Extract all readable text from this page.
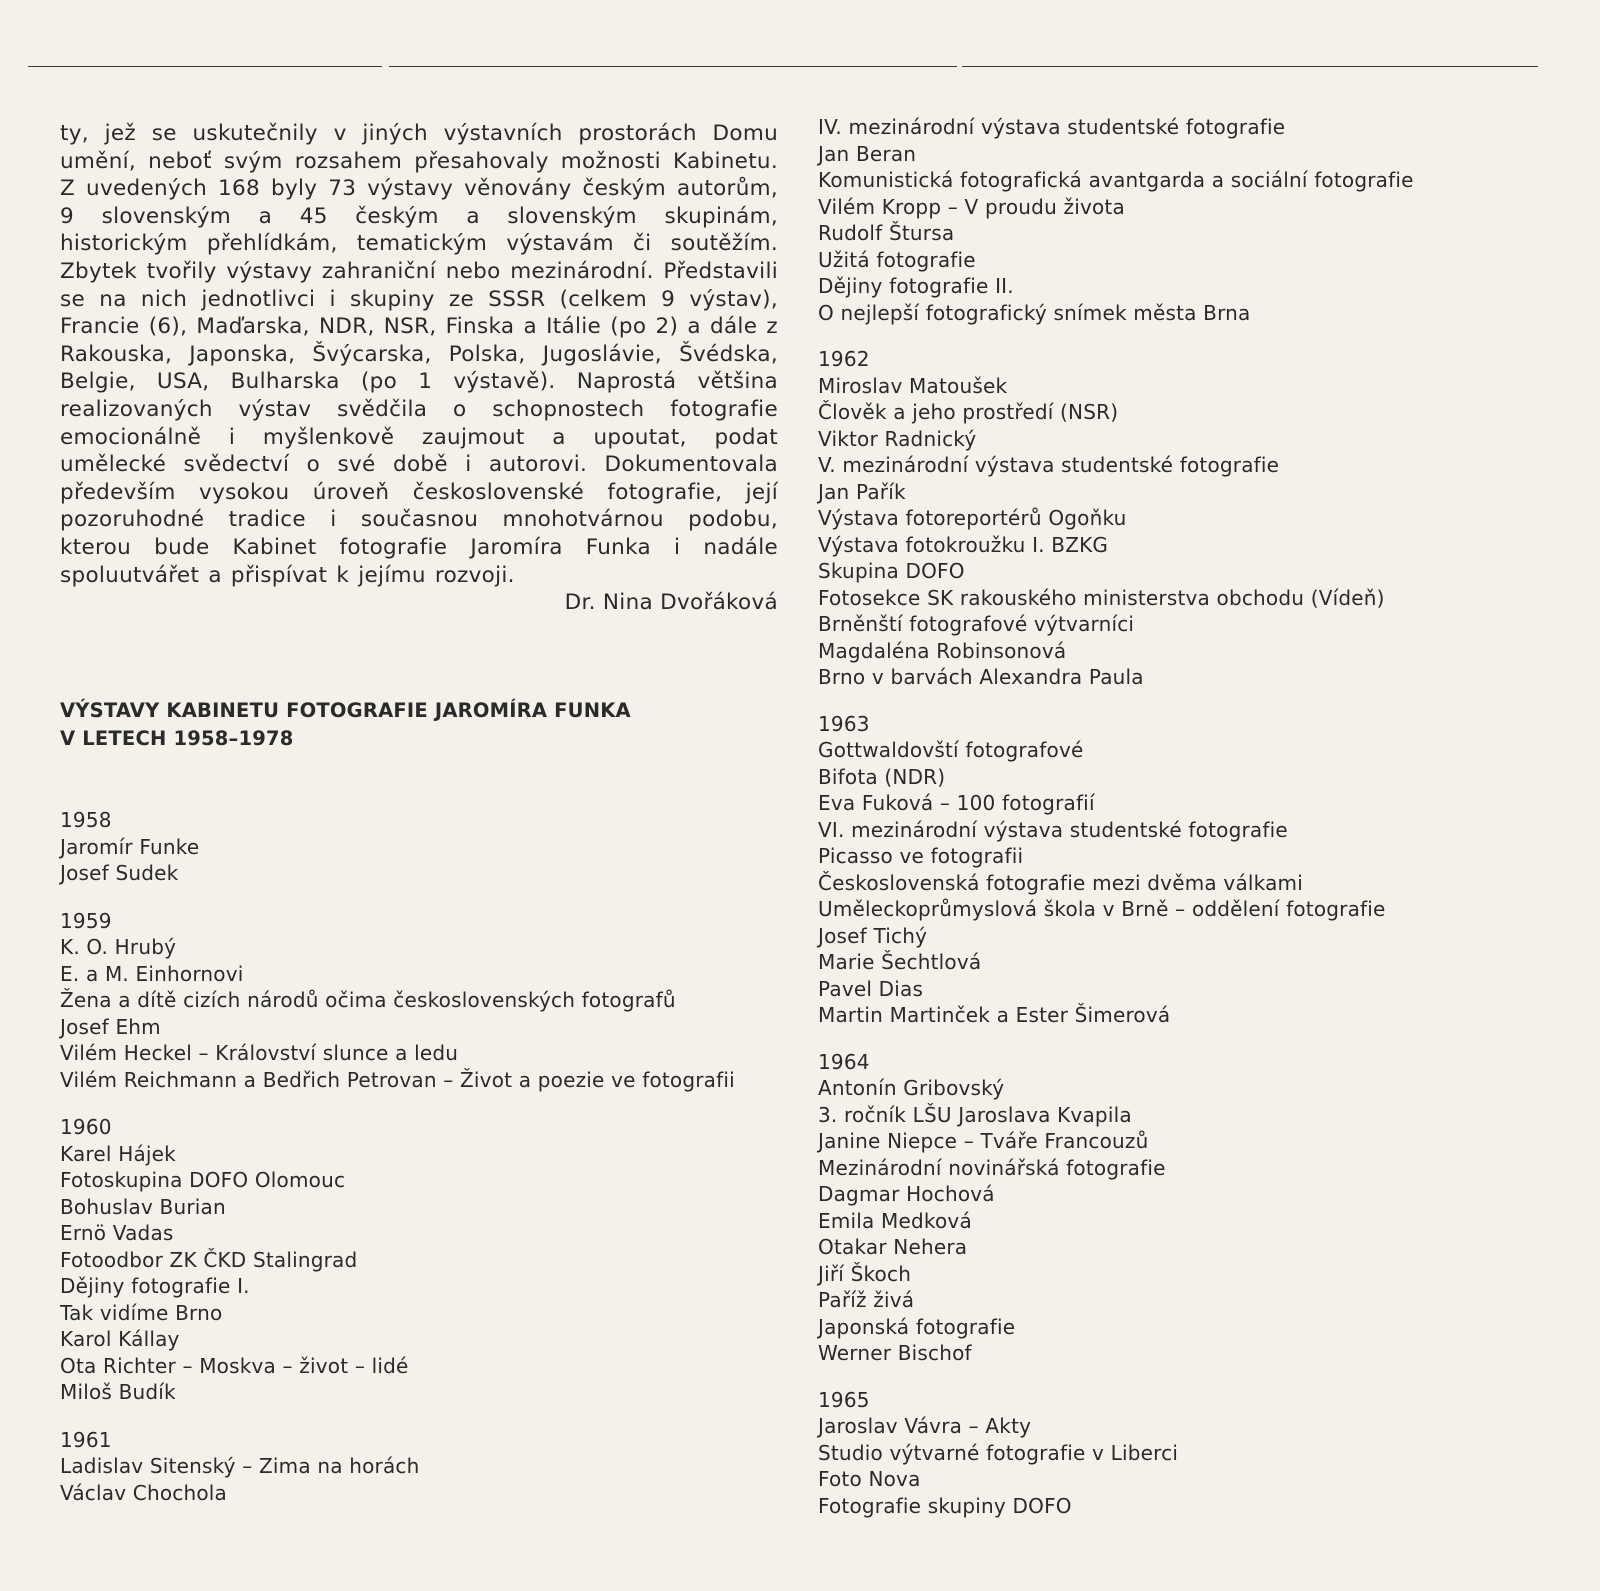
ty, jež se uskutečnily v jiných výstavních prostorách Domu umění, neboť svým rozsahem přesahovaly možnosti Kabinetu. Z uvedených 168 byly 73 výstavy věnovány českým autorům, 9 slovenským a 45 českým a slovenským skupinám, historickým přehlídkám, tematickým výstavám či soutěžím. Zbytek tvořily výstavy zahraniční nebo mezinárodní. Představili se na nich jednotlivci i skupiny ze SSSR (celkem 9 výstav), Francie (6), Maďarska, NDR, NSR, Finska a Itálie (po 2) a dále z Rakouska, Japonska, Švýcarska, Polska, Jugoslávie, Švédska, Belgie, USA, Bulharska (po 1 výstavě). Naprostá většina realizovaných výstav svědčila o schopnostech fotografie emocionálně i myšlenkově zaujmout a upoutat, podat umělecké svědectví o své době i autorovi. Dokumentovala především vysokou úroveň československé fotografie, její pozoruhodné tradice i současnou mnohotvárnou podobu, kterou bude Kabinet fotografie Jaromíra Funka i nadále spoluutvářet a přispívat k jejímu rozvoji.

Dr. Nina Dvořáková

VÝSTAVY KABINETU FOTOGRAFIE JAROMÍRA FUNKA
V LETECH 1958–1978
1958
Jaromír Funke
Josef Sudek
1959
K. O. Hrubý
E. a M. Einhornovi
Žena a dítě cizích národů očima československých fotografů
Josef Ehm
Vilém Heckel – Království slunce a ledu
Vilém Reichmann a Bedřich Petrovan – Život a poezie ve fotografii
1960
Karel Hájek
Fotoskupina DOFO Olomouc
Bohuslav Burian
Ernö Vadas
Fotoodbor ZK ČKD Stalingrad
Dějiny fotografie I.
Tak vidíme Brno
Karol Kállay
Ota Richter – Moskva – život – lidé
Miloš Budík
1961
Ladislav Sitenský – Zima na horách
Václav Chochola
IV. mezinárodní výstava studentské fotografie
Jan Beran
Komunistická fotografická avantgarda a sociální fotografie
Vilém Kropp – V proudu života
Rudolf Štursa
Užitá fotografie
Dějiny fotografie II.
O nejlepší fotografický snímek města Brna
1962
Miroslav Matoušek
Člověk a jeho prostředí (NSR)
Viktor Radnický
V. mezinárodní výstava studentské fotografie
Jan Pařík
Výstava fotoreportérů Ogoňku
Výstava fotokroužku I. BZKG
Skupina DOFO
Fotosekce SK rakouského ministerstva obchodu (Vídeň)
Brněnští fotografové výtvarníci
Magdaléna Robinsonová
Brno v barvách Alexandra Paula
1963
Gottwaldovští fotografové
Bifota (NDR)
Eva Fuková – 100 fotografií
VI. mezinárodní výstava studentské fotografie
Picasso ve fotografii
Československá fotografie mezi dvěma válkami
Uměleckoprůmyslová škola v Brně – oddělení fotografie
Josef Tichý
Marie Šechtlová
Pavel Dias
Martin Martinček a Ester Šimerová
1964
Antonín Gribovský
3. ročník LŠU Jaroslava Kvapila
Janine Niepce – Tváře Francouzů
Mezinárodní novinářská fotografie
Dagmar Hochová
Emila Medková
Otakar Nehera
Jiří Škoch
Paříž živá
Japonská fotografie
Werner Bischof
1965
Jaroslav Vávra – Akty
Studio výtvarné fotografie v Liberci
Foto Nova
Fotografie skupiny DOFO
